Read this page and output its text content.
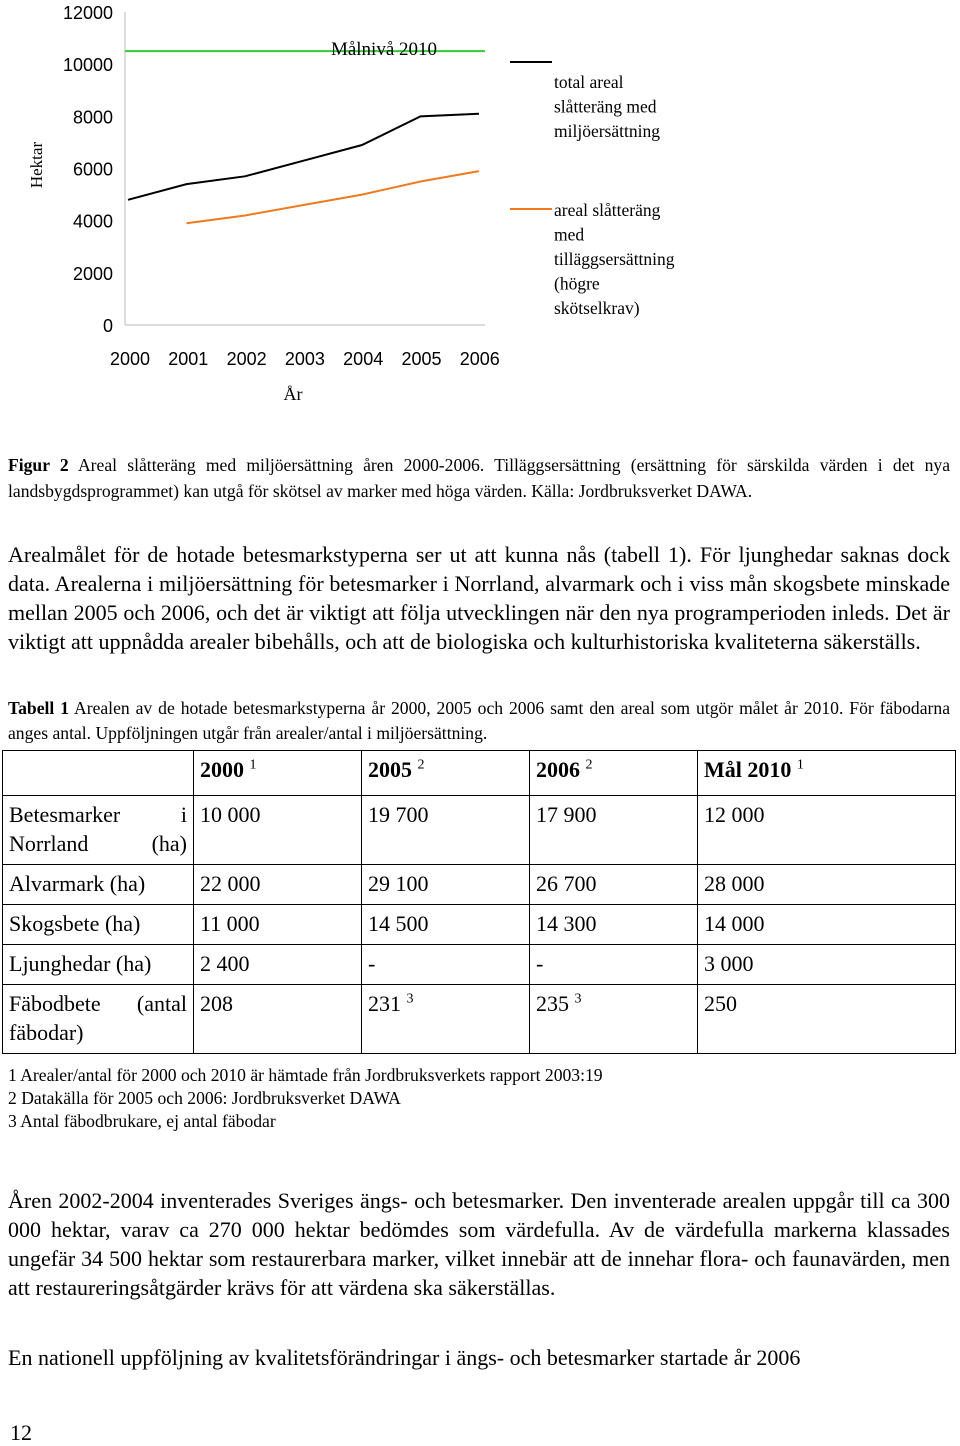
12000
10000
8000
6000
4000
2000
0
2000 2001 2002 2003 2004 2005 2006
Hektar
År
Målnivå 2010
total areal slåtteräng med miljöersättning
areal slåtteräng med tilläggsersättning (högre skötselkrav)
Figur 2 Areal slåtteräng med miljöersättning åren 2000-2006. Tilläggsersättning (ersättning för särskilda värden i det nya landsbygdsprogrammet) kan utgå för skötsel av marker med höga värden. Källa: Jordbruksverket DAWA.

Arealmålet för de hotade betesmarkstyperna ser ut att kunna nås (tabell 1). För ljunghedar saknas dock data. Arealerna i miljöersättning för betesmarker i Norrland, alvarmark och i viss mån skogsbete minskade mellan 2005 och 2006, och det är viktigt att följa utvecklingen när den nya programperioden inleds. Det är viktigt att uppnådda arealer bibehålls, och att de biologiska och kulturhistoriska kvaliteterna säkerställs.

Tabell 1 Arealen av de hotade betesmarkstyperna år 2000, 2005 och 2006 samt den areal som utgör målet år 2010. För fäbodarna anges antal. Uppföljningen utgår från arealer/antal i miljöersättning.
	2000 $^1$	2005 $^2$	2006 $^2$	Mål 2010 $^1$
Betesmarker i Norrland (ha)	10 000	19 700	17 900	12 000
Alvarmark (ha)	22 000	29 100	26 700	28 000
Skogsbete (ha)	11 000	14 500	14 300	14 000
Ljunghedar (ha)	2 400	-	-	3 000
Fäbodbete (antal fäbodar)	208	231 $^3$	235 $^3$	250
1 Arealer/antal för 2000 och 2010 är hämtade från Jordbruksverkets rapport 2003:19
2 Datakälla för 2005 och 2006: Jordbruksverket DAWA
3 Antal fäbodbrukare, ej antal fäbodar

Åren 2002-2004 inventerades Sveriges ängs- och betesmarker. Den inventerade arealen uppgår till ca 300 000 hektar, varav ca 270 000 hektar bedömdes som värdefulla. Av de värdefulla markerna klassades ungefär 34 500 hektar som restaurerbara marker, vilket innebär att de innehar flora- och faunavärden, men att restaureringsåtgärder krävs för att värdena ska säkerställas.

En nationell uppföljning av kvalitetsförändringar i ängs- och betesmarker startade år 2006

12
